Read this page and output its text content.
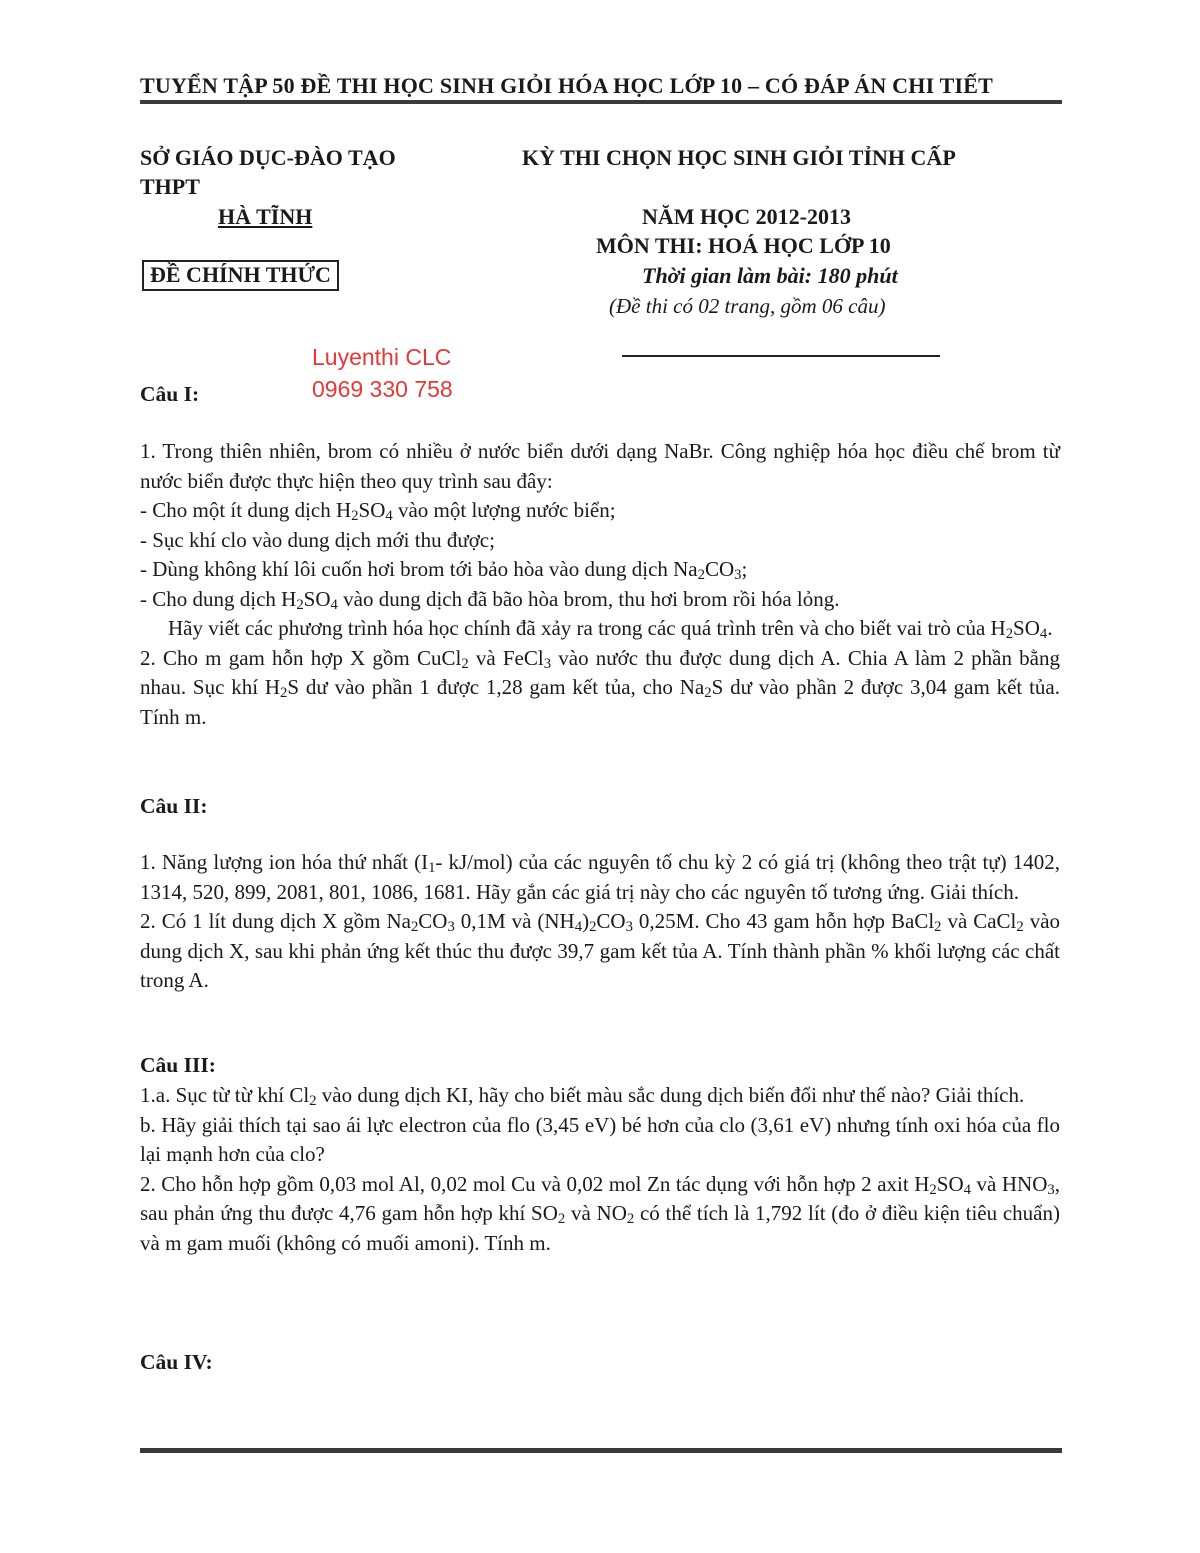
TUYỂN TẬP 50 ĐỀ THI HỌC SINH GIỎI HÓA HỌC LỚP 10 – CÓ ĐÁP ÁN CHI TIẾT
SỞ GIÁO DỤC-ĐÀO TẠO
THPT
HÀ TĨNH
ĐỀ CHÍNH THỨC
KỲ THI CHỌN HỌC SINH GIỎI TỈNH CẤP
NĂM HỌC 2012-2013
MÔN THI: HOÁ HỌC LỚP 10
Thời gian làm bài: 180 phút
(Đề thi có 02 trang, gồm 06 câu)
Luyenthi CLC
0969 330 758
Câu I:

1. Trong thiên nhiên, brom có nhiều ở nước biển dưới dạng NaBr. Công nghiệp hóa học điều chế brom từ nước biển được thực hiện theo quy trình sau đây:

- Cho một ít dung dịch $H_2SO_4$ vào một lượng nước biển;

- Sục khí clo vào dung dịch mới thu được;

- Dùng không khí lôi cuốn hơi brom tới bảo hòa vào dung dịch $Na_2CO_3$;

- Cho dung dịch $H_2SO_4$ vào dung dịch đã bão hòa brom, thu hơi brom rồi hóa lỏng.

Hãy viết các phương trình hóa học chính đã xảy ra trong các quá trình trên và cho biết vai trò của $H_2SO_4$.

2. Cho m gam hỗn hợp X gồm CuCl$_2$ và FeCl$_3$ vào nước thu được dung dịch A. Chia A làm 2 phần bằng nhau. Sục khí $H_2S$ dư vào phần 1 được 1,28 gam kết tủa, cho $Na_2S$ dư vào phần 2 được 3,04 gam kết tủa. Tính m.

Câu II:

1. Năng lượng ion hóa thứ nhất ($I_1-$ kJ/mol) của các nguyên tố chu kỳ 2 có giá trị (không theo trật tự) 1402, 1314, 520, 899, 2081, 801, 1086, 1681. Hãy gắn các giá trị này cho các nguyên tố tương ứng. Giải thích.

2. Có 1 lít dung dịch X gồm $Na_2CO_3$ 0,1M và $(NH_4)_2CO_3$ 0,25M. Cho 43 gam hỗn hợp BaCl$_2$ và CaCl$_2$ vào dung dịch X, sau khi phản ứng kết thúc thu được 39,7 gam kết tủa A. Tính thành phần % khối lượng các chất trong A.

Câu III:

1.a. Sục từ từ khí $Cl_2$ vào dung dịch KI, hãy cho biết màu sắc dung dịch biến đổi như thế nào? Giải thích.

b. Hãy giải thích tại sao ái lực electron của flo (3,45 eV) bé hơn của clo (3,61 eV) nhưng tính oxi hóa của flo lại mạnh hơn của clo?

2. Cho hỗn hợp gồm 0,03 mol Al, 0,02 mol Cu và 0,02 mol Zn tác dụng với hỗn hợp 2 axit $H_2SO_4$ và $HNO_3$, sau phản ứng thu được 4,76 gam hỗn hợp khí $SO_2$ và $NO_2$ có thể tích là 1,792 lít (đo ở điều kiện tiêu chuẩn) và m gam muối (không có muối amoni). Tính m.

Câu IV:
